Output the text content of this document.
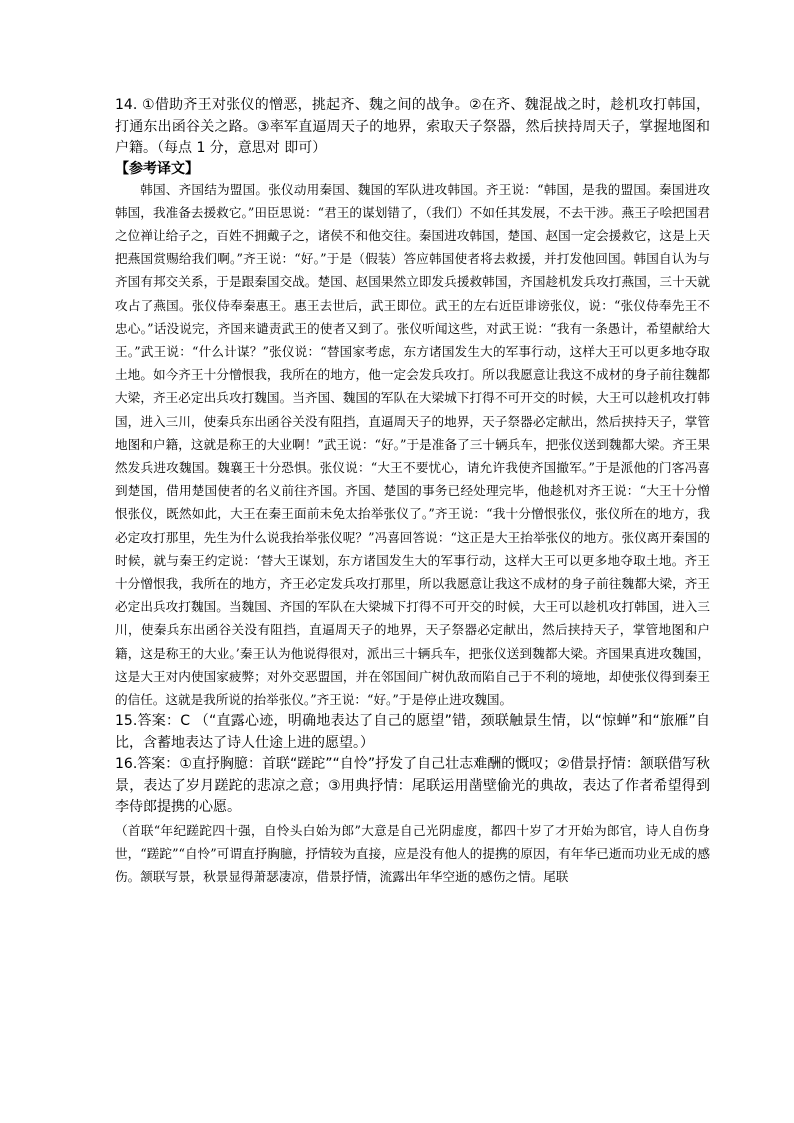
14. ①借助齐王对张仪的憎恶，挑起齐、魏之间的战争。②在齐、魏混战之时，趁机攻打韩国，打通东出函谷关之路。③率军直逼周天子的地界，索取天子祭器，然后挟持周天子，掌握地图和户籍。（每点 1 分，意思对 即可）

【参考译文】

韩国、齐国结为盟国。张仪动用秦国、魏国的军队进攻韩国。齐王说：“韩国，是我的盟国。秦国进攻韩国，我准备去援救它。”田臣思说：“君王的谋划错了，（我们）不如任其发展，不去干涉。燕王子哙把国君之位禅让给子之，百姓不拥戴子之，诸侯不和他交往。秦国进攻韩国，楚国、赵国一定会援救它，这是上天把燕国赏赐给我们啊。”齐王说：“好。”于是（假装）答应韩国使者将去救援，并打发他回国。韩国自认为与齐国有邦交关系，于是跟秦国交战。楚国、赵国果然立即发兵援救韩国，齐国趁机发兵攻打燕国，三十天就攻占了燕国。张仪侍奉秦惠王。惠王去世后，武王即位。武王的左右近臣诽谤张仪，说：“张仪侍奉先王不忠心。”话没说完，齐国来谴责武王的使者又到了。张仪听闻这些，对武王说：“我有一条愚计，希望献给大王。”武王说：“什么计谋？”张仪说：“替国家考虑，东方诸国发生大的军事行动，这样大王可以更多地夺取土地。如今齐王十分憎恨我，我所在的地方，他一定会发兵攻打。所以我愿意让我这不成材的身子前往魏都大梁，齐王必定出兵攻打魏国。当齐国、魏国的军队在大梁城下打得不可开交的时候，大王可以趁机攻打韩国，进入三川，使秦兵东出函谷关没有阻挡，直逼周天子的地界，天子祭器必定献出，然后挟持天子，掌管地图和户籍，这就是称王的大业啊！”武王说：“好。”于是准备了三十辆兵车，把张仪送到魏都大梁。齐王果然发兵进攻魏国。魏襄王十分恐惧。张仪说：“大王不要忧心，请允许我使齐国撤军。”于是派他的门客冯喜到楚国，借用楚国使者的名义前往齐国。齐国、楚国的事务已经处理完毕，他趁机对齐王说：“大王十分憎恨张仪，既然如此，大王在秦王面前未免太抬举张仪了。”齐王说：“我十分憎恨张仪，张仪所在的地方，我必定攻打那里，先生为什么说我抬举张仪呢？”冯喜回答说：“这正是大王抬举张仪的地方。张仪离开秦国的时候，就与秦王约定说：‘替大王谋划，东方诸国发生大的军事行动，这样大王可以更多地夺取土地。齐王十分憎恨我，我所在的地方，齐王必定发兵攻打那里，所以我愿意让我这不成材的身子前往魏都大梁，齐王必定出兵攻打魏国。当魏国、齐国的军队在大梁城下打得不可开交的时候，大王可以趁机攻打韩国，进入三川，使秦兵东出函谷关没有阻挡，直逼周天子的地界，天子祭器必定献出，然后挟持天子，掌管地图和户籍，这是称王的大业。’秦王认为他说得很对，派出三十辆兵车，把张仪送到魏都大梁。齐国果真进攻魏国，这是大王对内使国家疲弊；对外交恶盟国，并在邻国间广树仇敌而陷自己于不利的境地，却使张仪得到秦王的信任。这就是我所说的抬举张仪。”齐王说：“好。”于是停止进攻魏国。

15.答案：C （“直露心迹，明确地表达了自己的愿望”错，颈联触景生情，以“惊蝉”和“旅雁”自比，含蓄地表达了诗人仕途上进的愿望。）

16.答案：①直抒胸臆：首联“蹉跎”“自怜”抒发了自己壮志难酬的慨叹；②借景抒情：颔联借写秋景，表达了岁月蹉跎的悲凉之意；③用典抒情：尾联运用凿壁偷光的典故，表达了作者希望得到李侍郎提携的心愿。

（首联“年纪蹉跎四十强，自怜头白始为郎”大意是自己光阴虚度，都四十岁了才开始为郎官，诗人自伤身世，“蹉跎”“自怜”可谓直抒胸臆，抒情较为直接，应是没有他人的提携的原因，有年华已逝而功业无成的感伤。颔联写景，秋景显得萧瑟凄凉，借景抒情，流露出年华空逝的感伤之情。尾联
